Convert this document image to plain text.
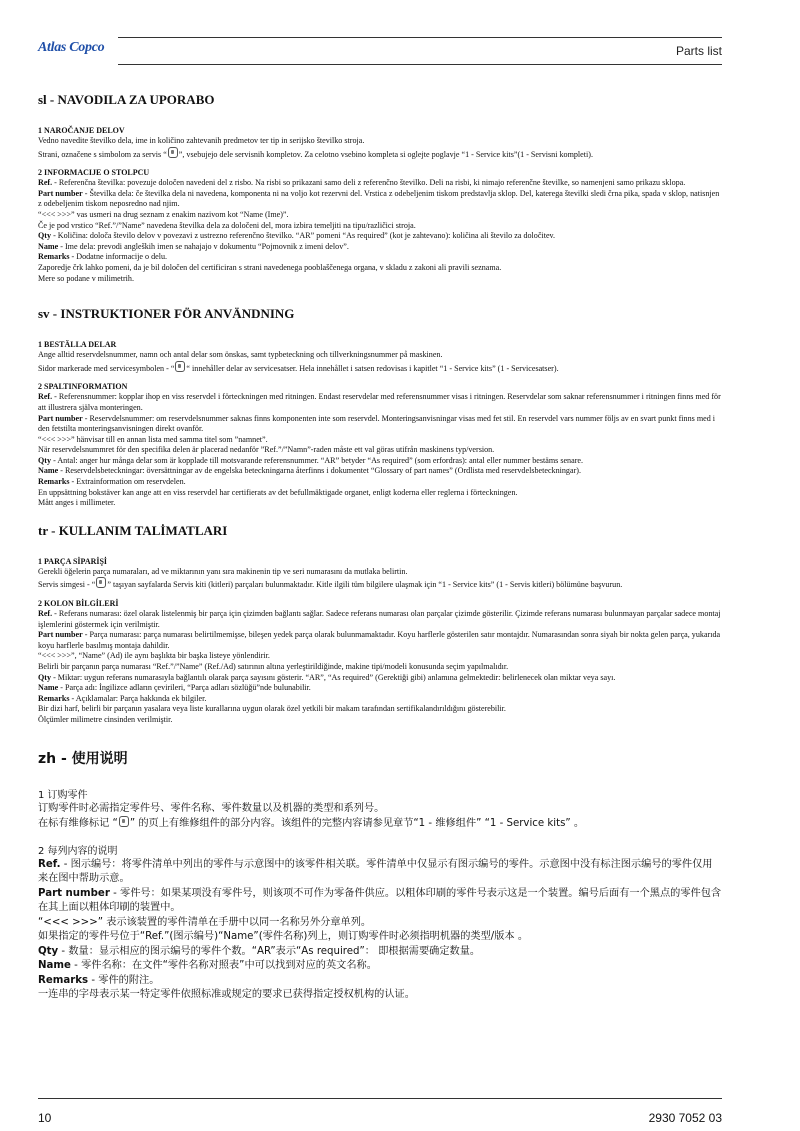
Atlas Copco	Parts list
sl - NAVODILA ZA UPORABO
1 NAROČANJE DELOV

Vedno navedite številko dela, ime in količino zahtevanih predmetov ter tip in serijsko številko stroja.

Strani, označene s simbolom za servis “ ”, vsebujejo dele servisnih kompletov. Za celotno vsebino kompleta si oglejte poglavje “1 - Service kits”(1 - Servisni kompleti).

2 INFORMACIJE O STOLPCU

Ref. - Referenčna številka: povezuje določen navedeni del z risbo. Na risbi so prikazani samo deli z referenčno številko. Deli na risbi, ki nimajo referenčne številke, so namenjeni samo prikazu sklopa.

Part number - Številka dela: če številka dela ni navedena, komponenta ni na voljo kot rezervni del. Vrstica z odebeljenim tiskom predstavlja sklop. Del, katerega številki sledi črna pika, spada v sklop, natisnjen z odebeljenim tiskom neposredno nad njim.

“<<< >>>” vas usmeri na drug seznam z enakim nazivom kot “Name (Ime)”.

Če je pod vrstico “Ref.”/”Name” navedena številka dela za določeni del, mora izbira temeljiti na tipu/različici stroja.

Qty - Količina: določa število delov v povezavi z ustrezno referenčno številko. “AR” pomeni “As required” (kot je zahtevano): količina ali število za določitev.

Name - Ime dela: prevodi angleških imen se nahajajo v dokumentu “Pojmovnik z imeni delov”.

Remarks - Dodatne informacije o delu.

Zaporedje črk lahko pomeni, da je bil določen del certificiran s strani navedenega pooblaščenega organa, v skladu z zakoni ali pravili seznama.

Mere so podane v milimetrih.

sv - INSTRUKTIONER FÖR ANVÄNDNING
1 BESTÄLLA DELAR

Ange alltid reservdelsnummer, namn och antal delar som önskas, samt typbeteckning och tillverkningsnummer på maskinen.

Sidor markerade med servicesymbolen - “ “ innehåller delar av servicesatser. Hela innehållet i satsen redovisas i kapitlet “1 - Service kits” (1 - Servicesatser).

2 SPALTINFORMATION

Ref. - Referensnummer: kopplar ihop en viss reservdel i förteckningen med ritningen. Endast reservdelar med referensnummer visas i ritningen. Reservdelar som saknar referensnummer i ritningen finns med för att illustrera själva monteringen.

Part number - Reservdelsnummer: om reservdelsnummer saknas finns komponenten inte som reservdel. Monteringsanvisningar visas med fet stil. En reservdel vars nummer följs av en svart punkt finns med i den fetstilta monteringsanvisningen direkt ovanför.

“<<< >>>” hänvisar till en annan lista med samma titel som ”namnet”.

När reservdelsnummret för den specifika delen är placerad nedanför ”Ref.”/”Namn”-raden måste ett val göras utifrån maskinens typ/version.

Qty - Antal: anger hur många delar som är kopplade till motsvarande referensnummer. “AR” betyder “As required” (som erfordras): antal eller nummer bestäms senare.

Name - Reservdelsbeteckningar: översättningar av de engelska beteckningarna återfinns i dokumentet “Glossary of part names” (Ordlista med reservdelsbeteckningar).

Remarks - Extrainformation om reservdelen.

En uppsättning bokstäver kan ange att en viss reservdel har certifierats av det befullmäktigade organet, enligt koderna eller reglerna i förteckningen.

Mått anges i millimeter.

tr - KULLANIM TALİMATLARI
1 PARÇA SİPARİŞİ

Gerekli öğelerin parça numaraları, ad ve miktarının yanı sıra makinenin tip ve seri numarasını da mutlaka belirtin.

Servis simgesi - “ ” taşıyan sayfalarda Servis kiti (kitleri) parçaları bulunmaktadır. Kitle ilgili tüm bilgilere ulaşmak için “1 - Service kits” (1 - Servis kitleri) bölümüne başvurun.

2 KOLON BİLGİLERİ

Ref. - Referans numarası: özel olarak listelenmiş bir parça için çizimden bağlantı sağlar. Sadece referans numarası olan parçalar çizimde gösterilir. Çizimde referans numarası bulunmayan parçalar sadece montaj işlemlerini göstermek için verilmiştir.

Part number - Parça numarası: parça numarası belirtilmemişse, bileşen yedek parça olarak bulunmamaktadır. Koyu harflerle gösterilen satır montajdır. Numarasından sonra siyah bir nokta gelen parça, yukarıda koyu harflerle basılmış montaja dahildir.

“<<< >>>”, “Name” (Ad) ile aynı başlıkta bir başka listeye yönlendirir.

Belirli bir parçanın parça numarası “Ref.”/”Name” (Ref./Ad) satırının altına yerleştirildiğinde, makine tipi/modeli konusunda seçim yapılmalıdır.

Qty - Miktar: uygun referans numarasıyla bağlantılı olarak parça sayısını gösterir. “AR”, “As required” (Gerektiği gibi) anlamına gelmektedir: belirlenecek olan miktar veya sayı.

Name - Parça adı: İngilizce adların çevirileri, “Parça adları sözlüğü”nde bulunabilir.

Remarks - Açıklamalar: Parça hakkında ek bilgiler.

Bir dizi harf, belirli bir parçanın yasalara veya liste kurallarına uygun olarak özel yetkili bir makam tarafından sertifikalandırıldığını gösterebilir.

Ölçümler milimetre cinsinden verilmiştir.

zh - 使用说明
1 订购零件

订购零件时必需指定零件号、零件名称、零件数量以及机器的类型和系列号。

在标有维修标记 “ ” 的页上有维修组件的部分内容。该组件的完整内容请参见章节“1 - 维修组件” “1 - Service kits” 。

2 每列内容的说明

Ref. - 图示编号：将零件清单中列出的零件与示意图中的该零件相关联。零件清单中仅显示有图示编号的零件。示意图中没有标注图示编号的零件仅用来在图中帮助示意。

Part number - 零件号：如果某项没有零件号，则该项不可作为零备件供应。以粗体印刷的零件号表示这是一个装置。编号后面有一个黑点的零件包含在其上面以粗体印刷的装置中。

“<<< >>>” 表示该装置的零件清单在手册中以同一名称另外分章单列。

如果指定的零件号位于“Ref.”(图示编号)“Name”(零件名称)列上，则订购零件时必须指明机器的类型/版本 。

Qty - 数量：显示相应的图示编号的零件个数。“AR”表示“As required”： 即根据需要确定数量。

Name - 零件名称：在文件“零件名称对照表”中可以找到对应的英文名称。

Remarks - 零件的附注。

一连串的字母表示某一特定零件依照标准或规定的要求已获得指定授权机构的认证。

10	2930 7052 03
